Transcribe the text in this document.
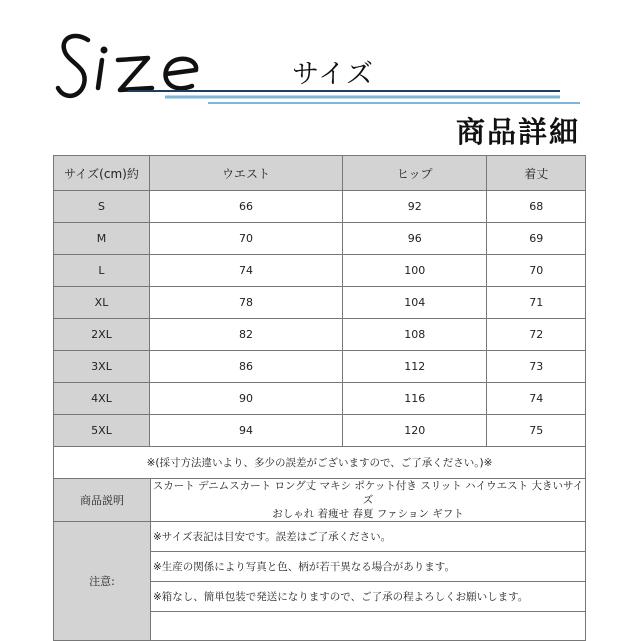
サイズ
商品詳細
サイズ(cm)約	ウエスト	ヒップ	着丈
S	66	92	68
M	70	96	69
L	74	100	70
XL	78	104	71
2XL	82	108	72
3XL	86	112	73
4XL	90	116	74
5XL	94	120	75
※(採寸方法違いより、多少の誤差がございますので、ご了承ください。)※			
商品説明	スカート デニムスカート ロング丈 マキシ ポケット付き スリット ハイウエスト 大きいサイズ
おしゃれ 着痩せ 春夏 ファション ギフト

注意:	※サイズ表記は目安です。誤差はご了承ください。
	※生産の関係により写真と色、柄が若干異なる場合があります。
	※箱なし、簡単包装で発送になりますので、ご了承の程よろしくお願いします。
